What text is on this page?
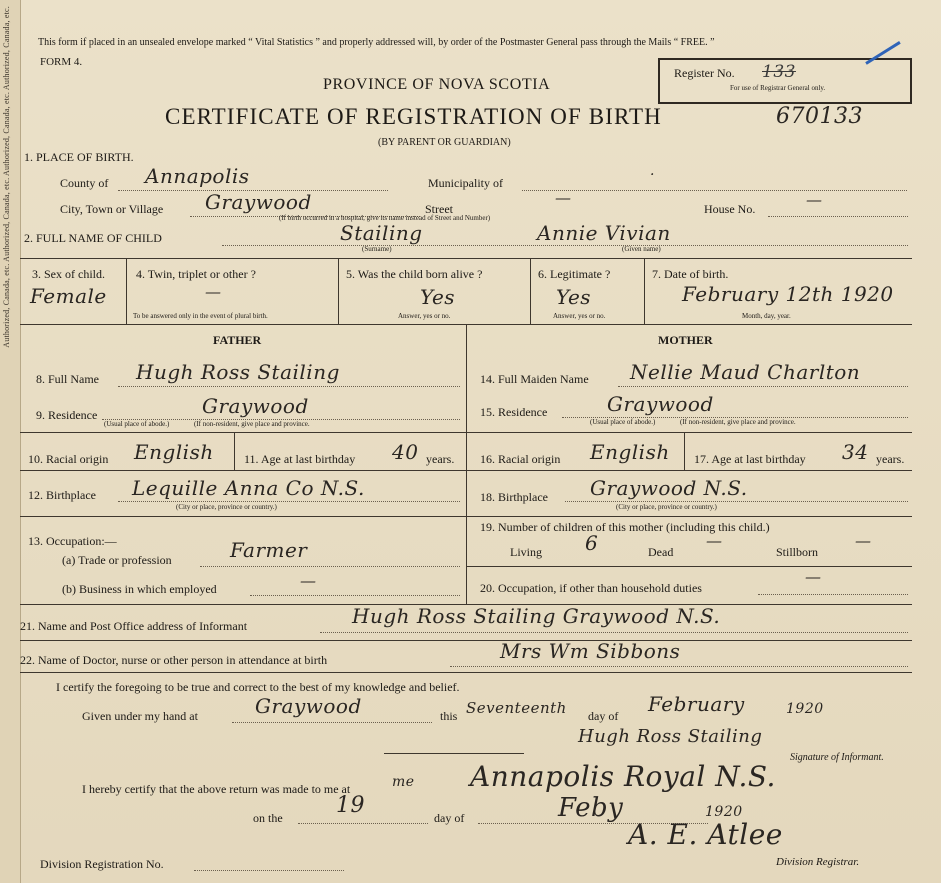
Authorized, Canada, etc. Authorized, Canada, etc. Authorized, Canada, etc. Authorized, Canada, etc.	This form if placed in an unsealed envelope marked “ Vital Statistics ” and properly addressed will, by order of the Postmaster General pass through the Mails “ FREE. ”
FORM 4.
PROVINCE OF NOVA SCOTIA
CERTIFICATE OF REGISTRATION OF BIRTH	670133
(BY PARENT OR GUARDIAN)
Register No. 133
For use of Registrar General only.
1. PLACE OF BIRTH.
County of Annapolis	Municipality of	·
City, Town or Village Graywood	Street
—
(If birth occurred in a hospital, give its name instead of Street and Number)
House No.	—
2. FULL NAME OF CHILD	Stailing
(Surname)
Annie Vivian
(Given name)
3. Sex of child.
Female
4. Twin, triplet or other ?
—
To be answered only in the event of plural birth.
5. Was the child born alive ?
Yes
Answer, yes or no.
6. Legitimate ?
Yes
Answer, yes or no.
7. Date of birth.
February 12th 1920
Month, day, year.
FATHER	MOTHER
8. Full Name Hugh Ross Stailing
9. Residence	Graywood
(Usual place of abode.)	(If non-resident, give place and province.
10. Racial origin English	11. Age at last birthday 40 years.
12. Birthplace Lequille Anna Co N.S.
(City or place, province or country.)
13. Occupation:—
(a) Trade or profession	Farmer
(b) Business in which employed	—
14. Full Maiden Name Nellie Maud Charlton
15. Residence	Graywood
(Usual place of abode.)	(If non-resident, give place and province.
16. Racial origin English 17. Age at last birthday 34 years.
18. Birthplace Graywood N.S.
(City or place, province or country.)
19. Number of children of this mother (including this child.)
Living 6	Dead
—
Stillborn
—
20. Occupation, if other than household duties
—
21. Name and Post Office address of Informant	Hugh Ross Stailing Graywood N.S.
22. Name of Doctor, nurse or other person in attendance at birth	Mrs Wm Sibbons
I certify the foregoing to be true and correct to the best of my knowledge and belief.
Given under my hand at	Graywood	this Seventeenth day of February	1920
Hugh Ross Stailing
Signature of Informant.
I hereby certify that the above return was made to me at	me Annapolis Royal N.S.
on the 19	day of	Feby	1920
A. E. Atlee
Division Registrar.
Division Registration No.
